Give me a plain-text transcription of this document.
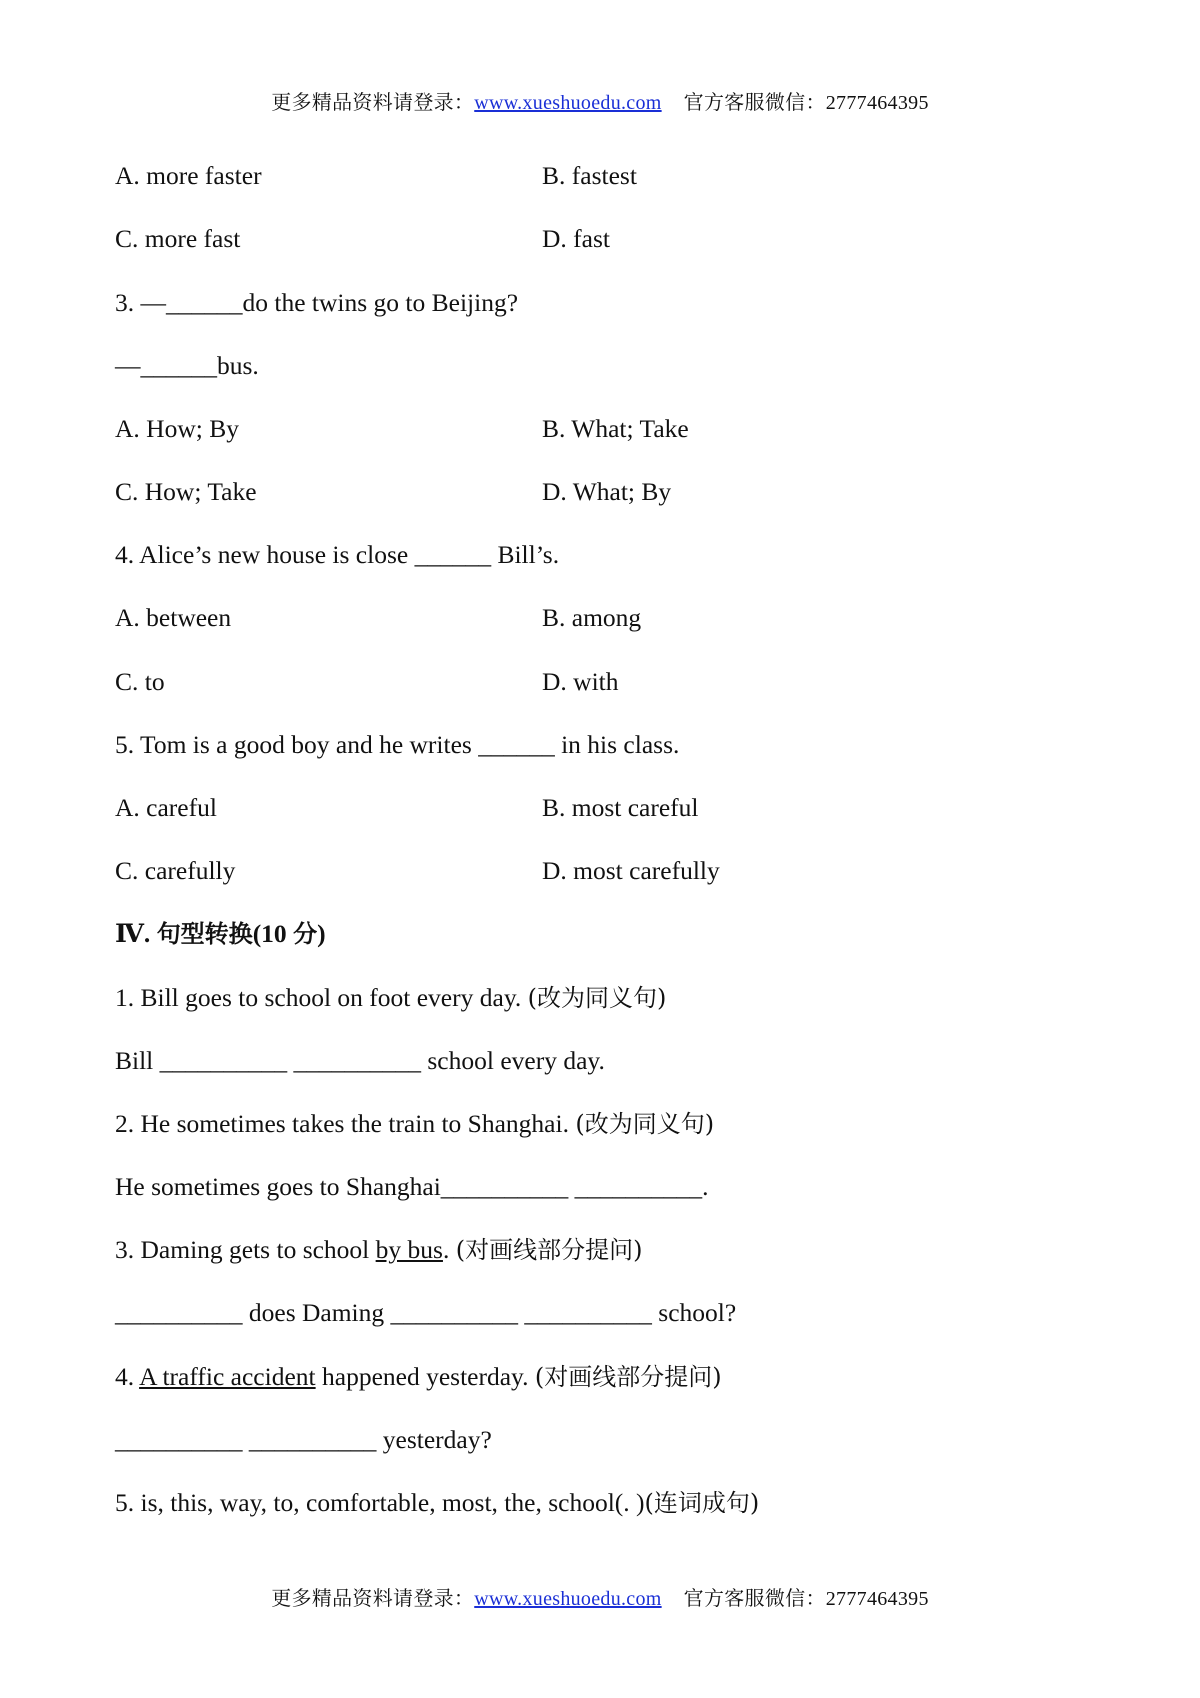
更多精品资料请登录：www.xueshuoedu.com 官方客服微信：2777464395
A. more faster	B. fastest
C. more fast	D. fast
3. —______do the twins go to Beijing?
—______bus.
A. How; By	B. What; Take
C. How; Take	D. What; By
4. Alice’s new house is close ______ Bill’s.
A. between	B. among
C. to	D. with
5. Tom is a good boy and he writes ______ in his class.
A. careful	B. most careful
C. carefully	D. most carefully
Ⅳ. 句型转换(10 分)
1. Bill goes to school on foot every day. (改为同义句)
Bill __________ __________ school every day.
2. He sometimes takes the train to Shanghai. (改为同义句)
He sometimes goes to Shanghai__________ __________.
3. Daming gets to school by bus. (对画线部分提问)
__________ does Daming __________ __________ school?
4. A traffic accident happened yesterday. (对画线部分提问)
__________ __________ yesterday?
5. is, this, way, to, comfortable, most, the, school(. )(连词成句)
更多精品资料请登录：www.xueshuoedu.com 官方客服微信：2777464395
